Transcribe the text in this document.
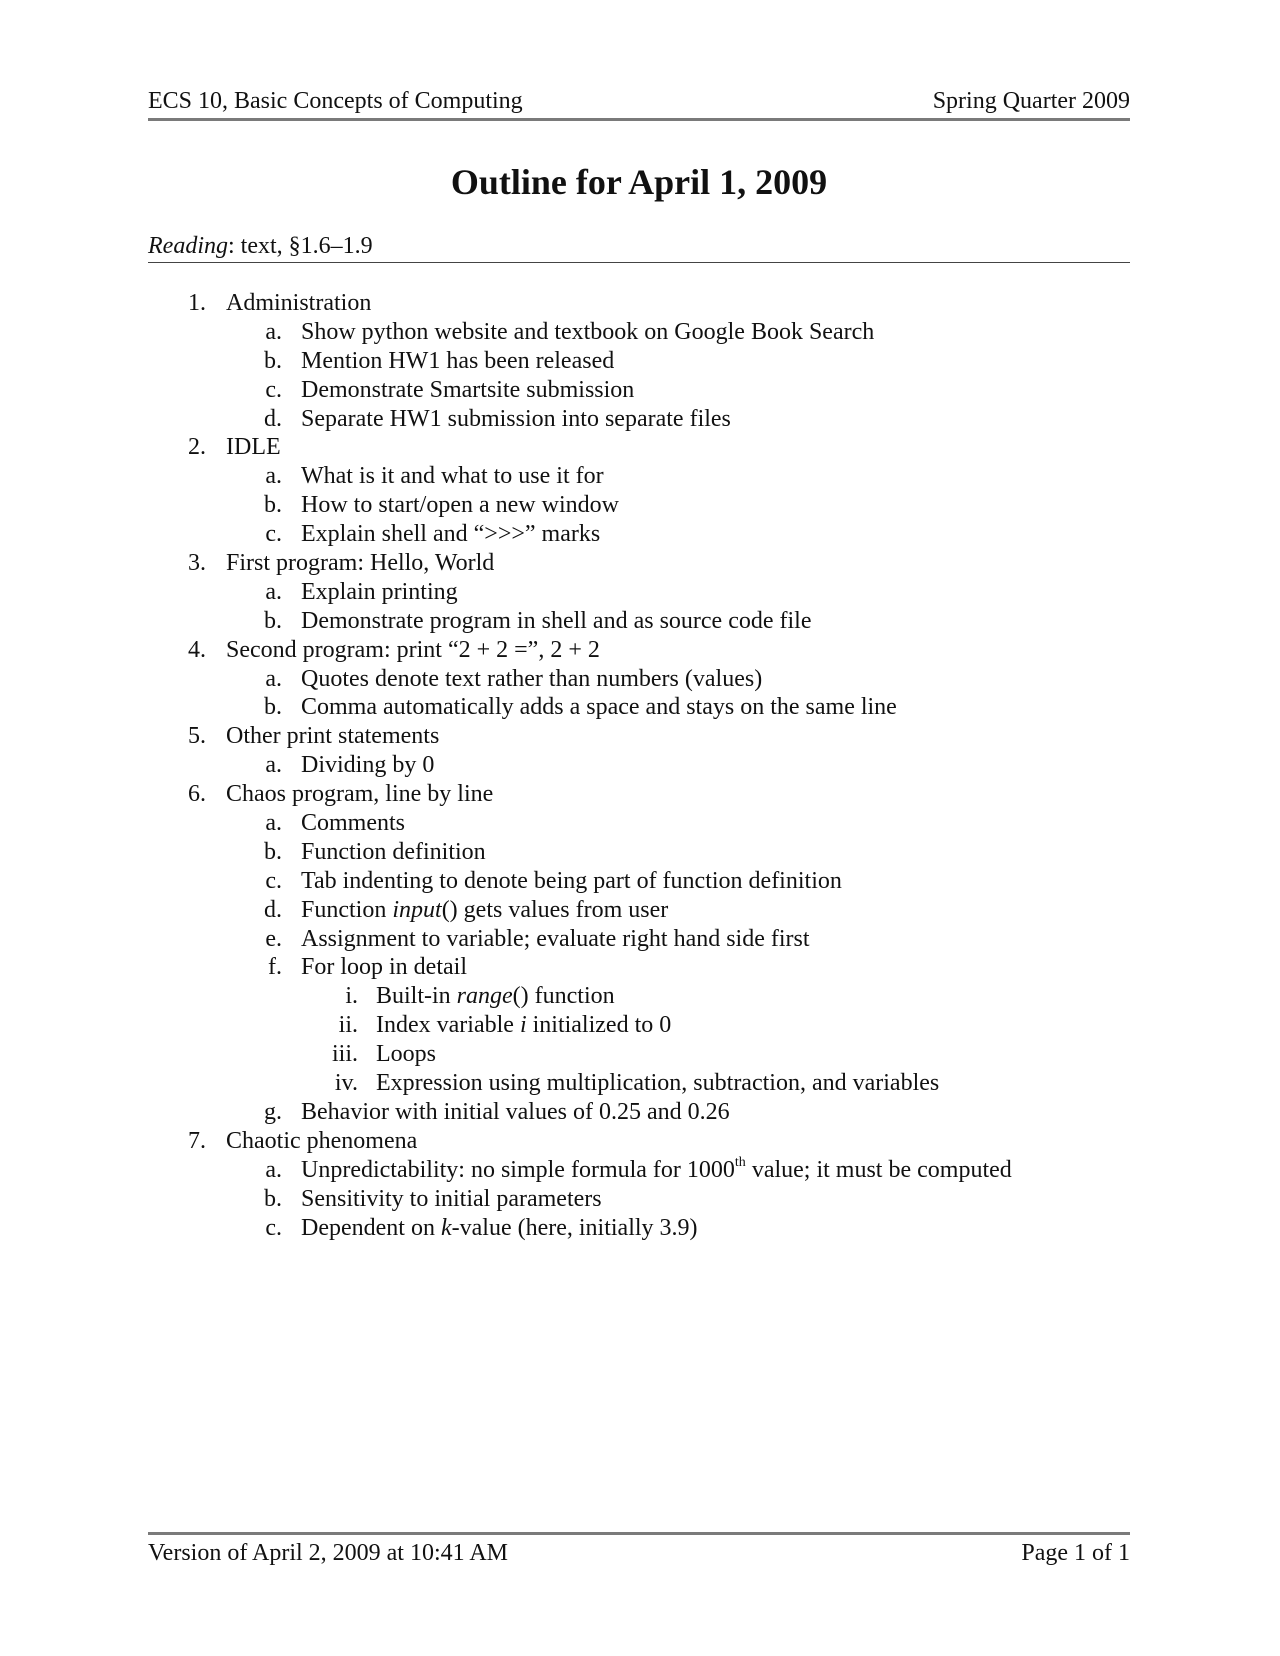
ECS 10, Basic Concepts of Computing	Spring Quarter 2009
Outline for April 1, 2009
Reading: text, §1.6–1.9
1. Administration
a. Show python website and textbook on Google Book Search
b. Mention HW1 has been released
c. Demonstrate Smartsite submission
d. Separate HW1 submission into separate files
2. IDLE
a. What is it and what to use it for
b. How to start/open a new window
c. Explain shell and “>>>” marks
3. First program: Hello, World
a. Explain printing
b. Demonstrate program in shell and as source code file
4. Second program: print “2 + 2 =”, 2 + 2
a. Quotes denote text rather than numbers (values)
b. Comma automatically adds a space and stays on the same line
5. Other print statements
a. Dividing by 0
6. Chaos program, line by line
a. Comments
b. Function definition
c. Tab indenting to denote being part of function definition
d. Function input() gets values from user
e. Assignment to variable; evaluate right hand side first
f. For loop in detail
i. Built-in range() function
ii. Index variable i initialized to 0
iii. Loops
iv. Expression using multiplication, subtraction, and variables
g. Behavior with initial values of 0.25 and 0.26
7. Chaotic phenomena
a. Unpredictability: no simple formula for 1000th value; it must be computed
b. Sensitivity to initial parameters
c. Dependent on k-value (here, initially 3.9)
Version of April 2, 2009 at 10:41 AM	Page 1 of 1
